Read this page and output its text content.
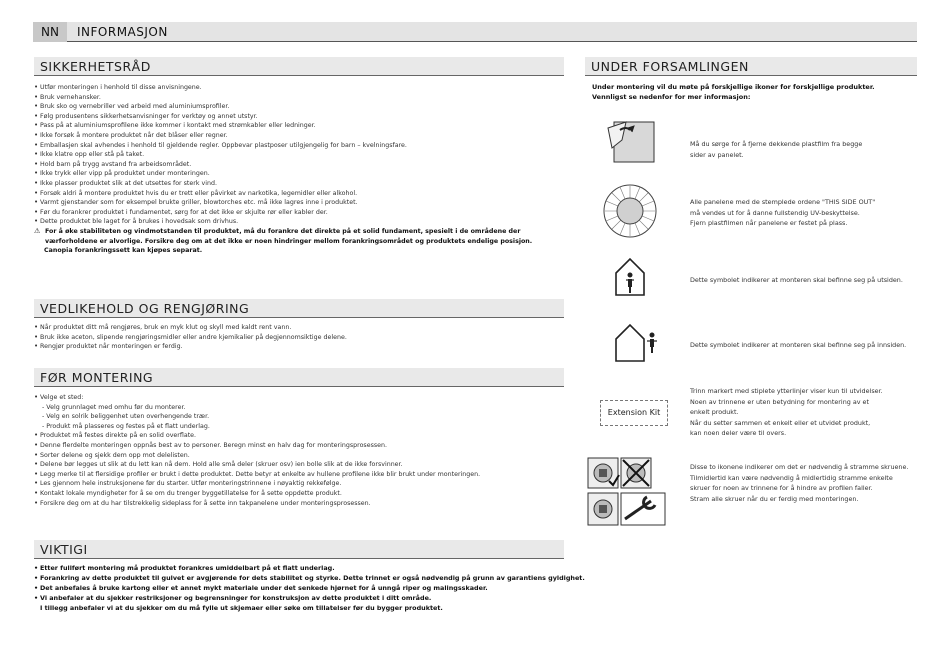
NN	INFORMASJON
SIKKERHETSRÅD
• Utfør monteringen i henhold til disse anvisningene.
• Bruk vernehansker.
• Bruk sko og vernebriller ved arbeid med aluminiumsprofiler.
• Følg produsentens sikkerhetsanvisninger for verktøy og annet utstyr.
• Pass på at aluminiumsprofilene ikke kommer i kontakt med strømkabler eller ledninger.
• Ikke forsøk å montere produktet når det blåser eller regner.
• Emballasjen skal avhendes i henhold til gjeldende regler. Oppbevar plastposer utilgjengelig for barn – kvelningsfare.
• Ikke klatre opp eller stå på taket.
• Hold barn på trygg avstand fra arbeidsområdet.
• Ikke trykk eller vipp på produktet under monteringen.
• Ikke plasser produktet slik at det utsettes for sterk vind.
• Forsøk aldri å montere produktet hvis du er trett eller påvirket av narkotika, legemidler eller alkohol.
• Varmt gjenstander som for eksempel brukte griller, blowtorches etc. må ikke lagres inne i produktet.
• Før du forankrer produktet i fundamentet, sørg for at det ikke er skjulte rør eller kabler der.
• Dette produktet ble laget for å brukes i hovedsak som drivhus.
⚠ For å øke stabiliteten og vindmotstanden til produktet, må du forankre det direkte på et solid fundament, spesielt i de områdene der værforholdene er alvorlige. Forsikre deg om at det ikke er noen hindringer mellom forankringsområdet og produktets endelige posisjon.
Canopia forankringssett kan kjøpes separat.
VEDLIKEHOLD OG RENGJØRING
• Når produktet ditt må rengjøres, bruk en myk klut og skyll med kaldt rent vann.
• Bruk ikke aceton, slipende rengjøringsmidler eller andre kjemikalier på degjennomsiktige delene.
• Rengjør produktet når monteringen er ferdig.
FØR MONTERING
• Velge et sted:
- Velg grunnlaget med omhu før du monterer.
- Velg en solrik beliggenhet uten overhengende trær.
- Produkt må plasseres og festes på et flatt underlag.
• Produktet må festes direkte på en solid overflate.
• Denne flerdelte monteringen oppnås best av to personer. Beregn minst en halv dag for monteringsprosessen.
• Sorter delene og sjekk dem opp mot delelisten.
• Delene bør legges ut slik at du lett kan nå dem. Hold alle små deler (skruer osv) ien bolle slik at de ikke forsvinner.
• Legg merke til at flersidige profiler er brukt i dette produktet. Dette betyr at enkelte av hullene profilene ikke blir brukt under monteringen.
• Les gjennom hele instruksjonene før du starter. Utfør monteringstrinnene i nøyaktig rekkefølge.
• Kontakt lokale myndigheter for å se om du trenger byggetillatelse for å sette oppdette produkt.
• Forsikre deg om at du har tilstrekkelig sideplass for å sette inn takpanelene under monteringsprosessen.
VIKTIGI
• Etter fullført montering må produktet forankres umiddelbart på et flatt underlag.
• Forankring av dette produktet til gulvet er avgjørende for dets stabilitet og styrke. Dette trinnet er også nødvendig på grunn av garantiens gyldighet.
• Det anbefales å bruke kartong eller et annet mykt materiale under det senkede hjørnet for å unngå riper og malingsskader.
• Vi anbefaler at du sjekker restriksjoner og begrensninger for konstruksjon av dette produktet i ditt område.
I tillegg anbefaler vi at du sjekker om du må fylle ut skjemaer eller søke om tillatelser før du bygger produktet.
UNDER FORSAMLINGEN
Under montering vil du møte på forskjellige ikoner for forskjellige produkter.
Vennligst se nedenfor for mer informasjon:
Må du sørge for å fjerne dekkende plastfilm fra begge
sider av panelet.
Alle panelene med de stemplede ordene "THIS SIDE OUT"
må vendes ut for å danne fullstendig UV-beskyttelse.
Fjern plastfilmen når panelene er festet på plass.
Dette symbolet indikerer at monteren skal befinne seg på utsiden.
Dette symbolet indikerer at monteren skal befinne seg på innsiden.
Extension Kit
Trinn markert med stiplete ytterlinjer viser kun til utvidelser.
Noen av trinnene er uten betydning for montering av et
enkelt produkt.
Når du setter sammen et enkelt eller et utvidet produkt,
kan noen deler være til overs.
Disse to ikonene indikerer om det er nødvendig å stramme skruene.
Tilmidlertid kan være nødvendig å midlertidig stramme enkelte
skruer for noen av trinnene for å hindre av profilen faller.
Stram alle skruer når du er ferdig med monteringen.
